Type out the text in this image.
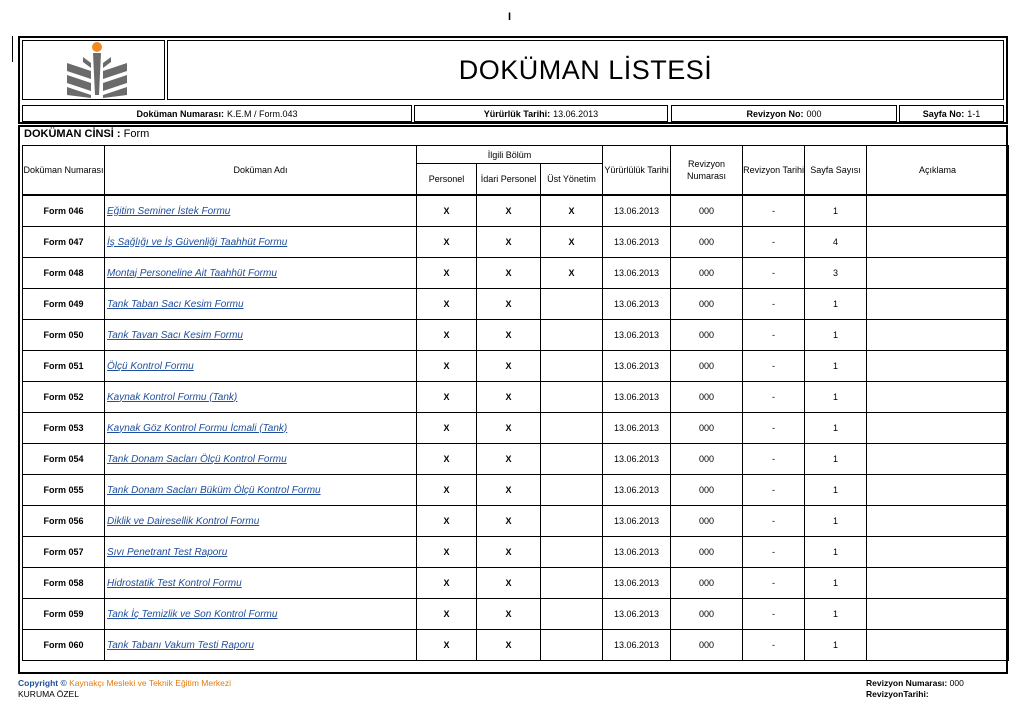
I
DOKÜMAN LİSTESİ
Doküman Numarası: K.E.M / Form.043	Yürürlük Tarihi: 13.06.2013	Revizyon No: 000	Sayfa No: 1-1
DOKÜMAN CİNSİ : Form
Doküman Numarası	Doküman Adı	İlgili Bölüm			Yürürlülük Tarihi	Revizyon Numarası	Revizyon Tarihi	Sayfa Sayısı	Açıklama
		Personel	İdari Personel	Üst Yönetim					
Form 046	Eğitim Seminer İstek Formu	X	X	X	13.06.2013	000	-	1	
Form 047	İş Sağlığı ve İş Güvenliği Taahhüt Formu	X	X	X	13.06.2013	000	-	4	
Form 048	Montaj Personeline Ait Taahhüt Formu	X	X	X	13.06.2013	000	-	3	
Form 049	Tank Taban Sacı Kesim Formu	X	X		13.06.2013	000	-	1	
Form 050	Tank Tavan Sacı Kesim Formu	X	X		13.06.2013	000	-	1	
Form 051	Ölçü Kontrol Formu	X	X		13.06.2013	000	-	1	
Form 052	Kaynak Kontrol Formu (Tank)	X	X		13.06.2013	000	-	1	
Form 053	Kaynak Göz Kontrol Formu İcmali (Tank)	X	X		13.06.2013	000	-	1	
Form 054	Tank Donam Sacları Ölçü Kontrol Formu	X	X		13.06.2013	000	-	1	
Form 055	Tank Donam Sacları Büküm Ölçü Kontrol Formu	X	X		13.06.2013	000	-	1	
Form 056	Diklik ve Dairesellik Kontrol Formu	X	X		13.06.2013	000	-	1	
Form 057	Sıvı Penetrant Test Raporu	X	X		13.06.2013	000	-	1	
Form 058	Hidrostatik Test Kontrol Formu	X	X		13.06.2013	000	-	1	
Form 059	Tank İç Temizlik ve Son Kontrol Formu	X	X		13.06.2013	000	-	1	
Form 060	Tank Tabanı Vakum Testi Raporu	X	X		13.06.2013	000	-	1	
Copyright © Kaynakçı Mesleki ve Teknik Eğitim Merkezi
KURUMA ÖZEL
Revizyon Numarası: 000
RevizyonTarihi:
